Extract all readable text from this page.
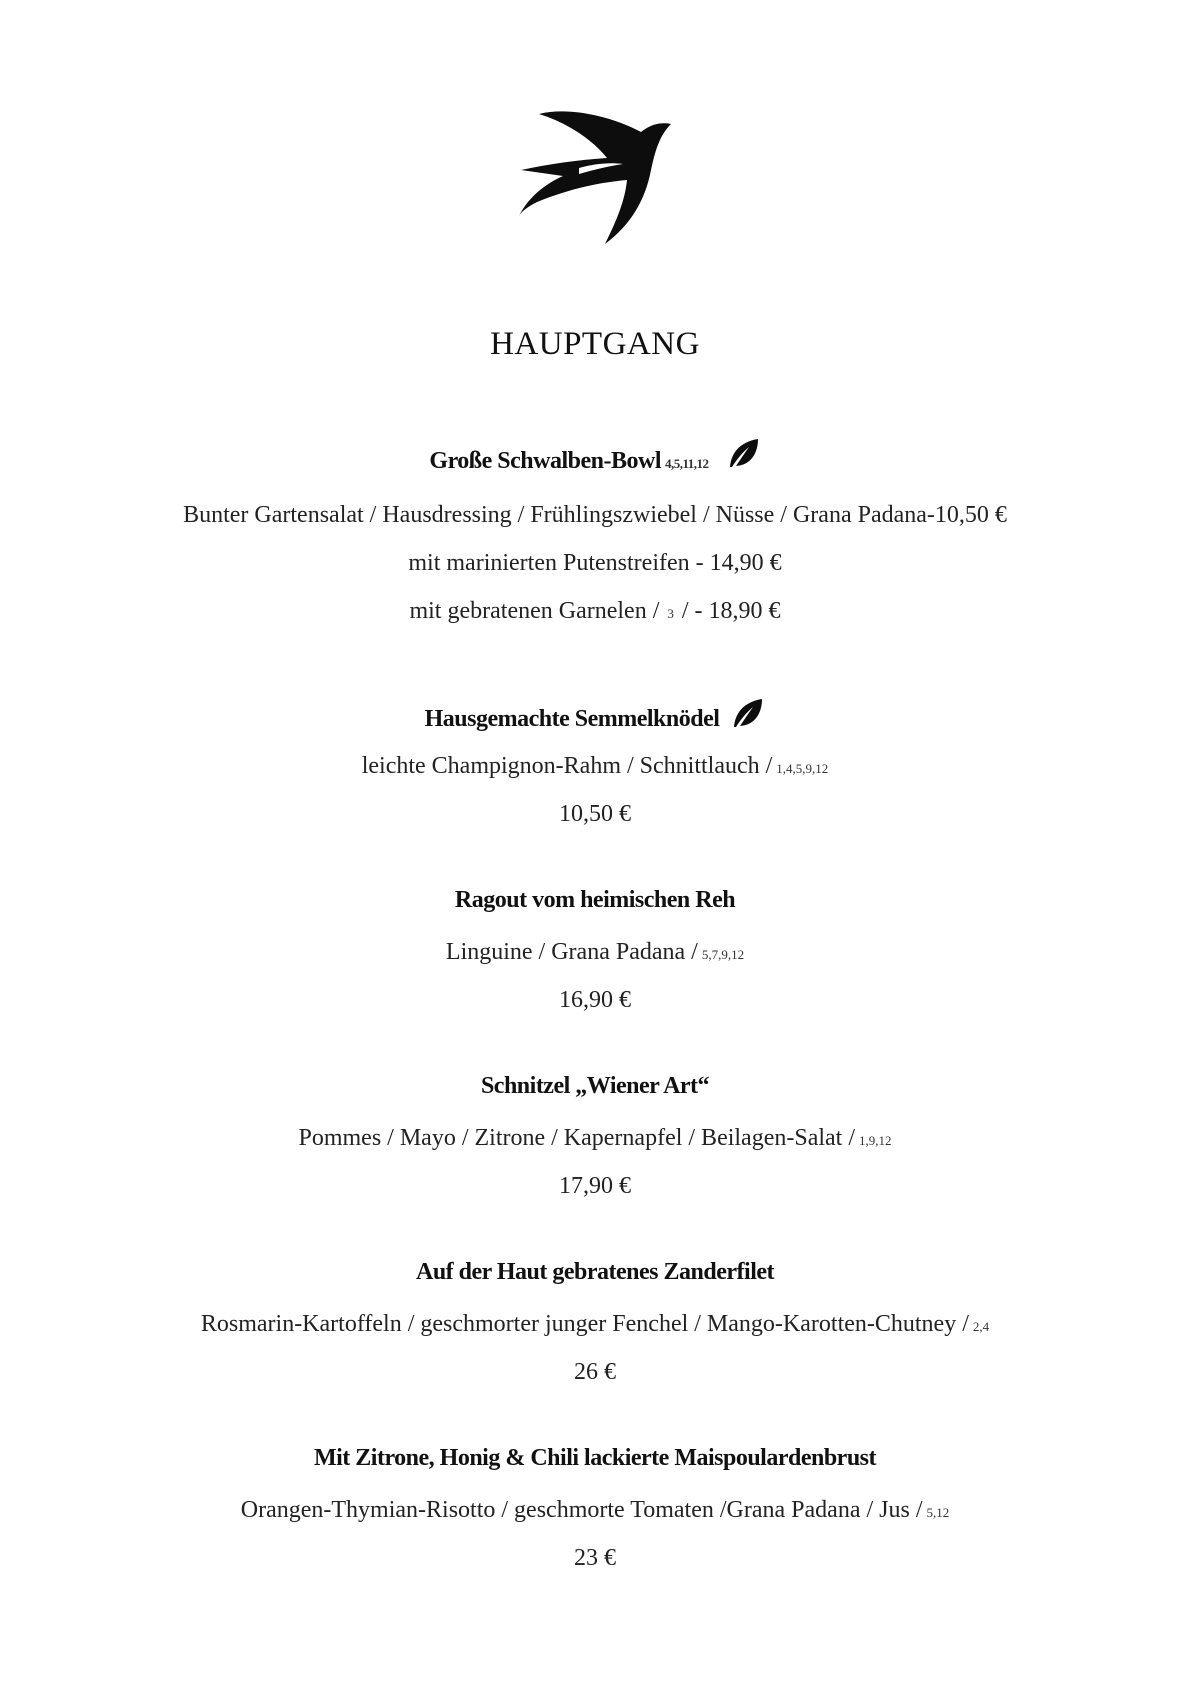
HAUPTGANG
Große Schwalben-Bowl 4,5,11,12
Bunter Gartensalat / Hausdressing / Frühlingszwiebel / Nüsse / Grana Padana-10,50 €
mit marinierten Putenstreifen - 14,90 €
mit gebratenen Garnelen / 3 / - 18,90 €
Hausgemachte Semmelknödel
leichte Champignon-Rahm / Schnittlauch / 1,4,5,9,12
10,50 €
Ragout vom heimischen Reh
Linguine / Grana Padana / 5,7,9,12
16,90 €
Schnitzel „Wiener Art“
Pommes / Mayo / Zitrone / Kapernapfel / Beilagen-Salat / 1,9,12
17,90 €
Auf der Haut gebratenes Zanderfilet
Rosmarin-Kartoffeln / geschmorter junger Fenchel / Mango-Karotten-Chutney / 2,4
26 €
Mit Zitrone, Honig & Chili lackierte Maispoulardenbrust
Orangen-Thymian-Risotto / geschmorte Tomaten /Grana Padana / Jus / 5,12
23 €
